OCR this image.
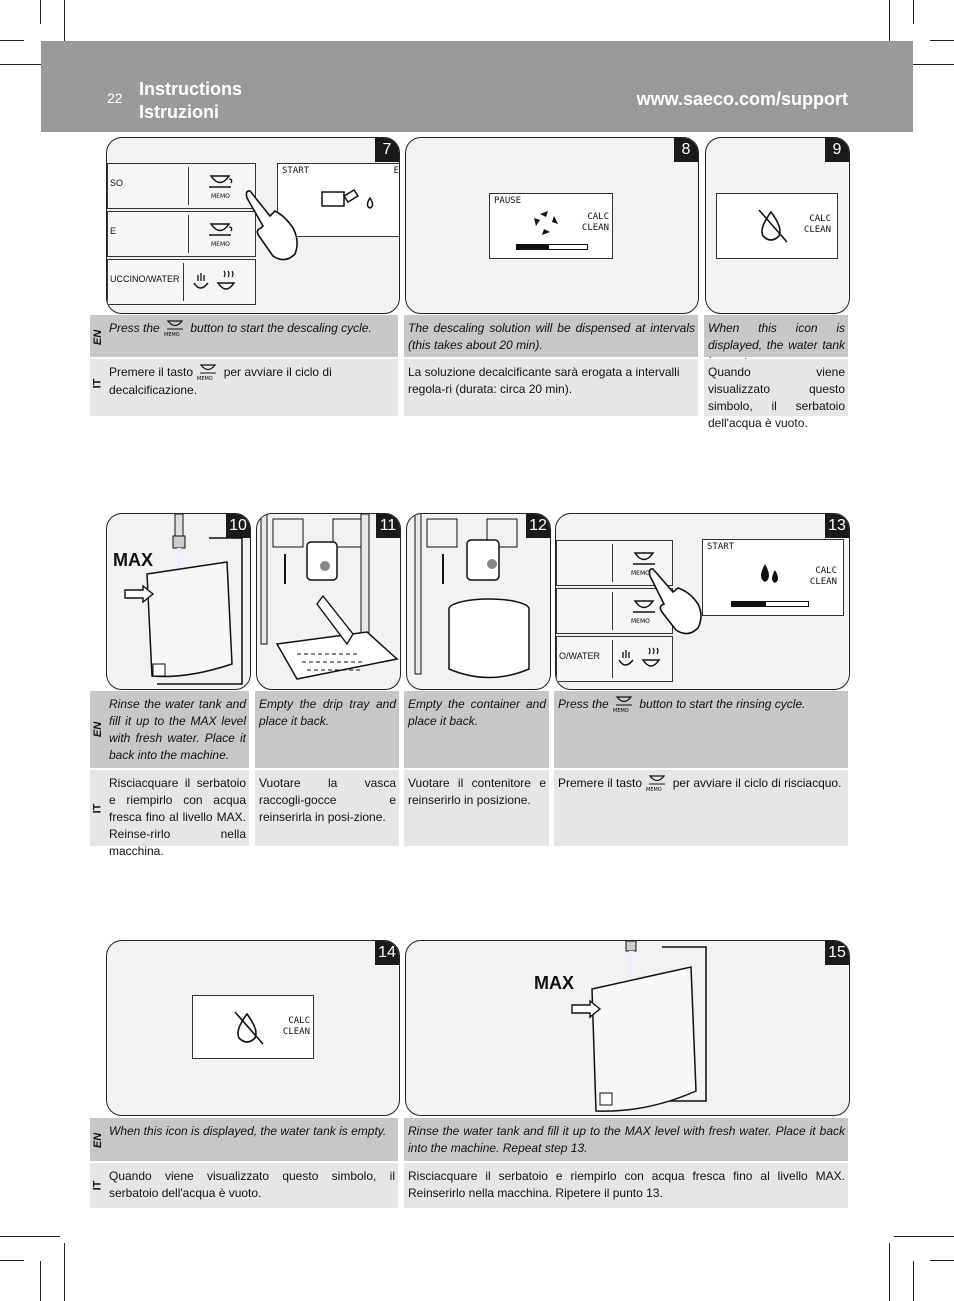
22 Instructions
Istruzioni
www.saeco.com/support
7
SO
MEMO
E
MEMO
UCCINO/WATER
START	E
8
PAUSE
CALC
CLEAN
9
CALC
CLEAN
EN
IT
Press the MEMO button to start the descaling cycle.
Premere il tasto MEMO per avviare il ciclo di decalcificazione.
The descaling solution will be dispensed at intervals (this takes about 20 min).
La soluzione decalcificante sarà erogata a intervalli regola-ri (durata: circa 20 min).
When this icon is displayed, the water tank
Quando viene visualizzato questo simbolo, il serbatoio dell'acqua è vuoto.
10
MAX
11	12	13
MEMO
MEMO
O/WATER
START
CALC
CLEAN
EN
IT
Rinse the water tank and fill it up to the MAX level with fresh water. Place it back into the machine.
Risciacquare il serbatoio e riempirlo con acqua fresca fino al livello MAX. Reinse-rirlo nella macchina.
Empty the drip tray and place it back.
Vuotare la vasca raccogli-gocce e reinserirla in posi-zione.
Empty the container and place it back.
Vuotare il contenitore e reinserirlo in posizione.
Press the MEMO button to start the rinsing cycle.
Premere il tasto MEMO per avviare il ciclo di risciacquo.
14
CALC
CLEAN
15
MAX
EN
IT
When this icon is displayed, the water tank is empty.
Quando viene visualizzato questo simbolo, il serbatoio dell'acqua è vuoto.
Rinse the water tank and fill it up to the MAX level with fresh water. Place it back into the machine. Repeat step 13.
Risciacquare il serbatoio e riempirlo con acqua fresca fino al livello MAX. Reinserirlo nella macchina. Ripetere il punto 13.
